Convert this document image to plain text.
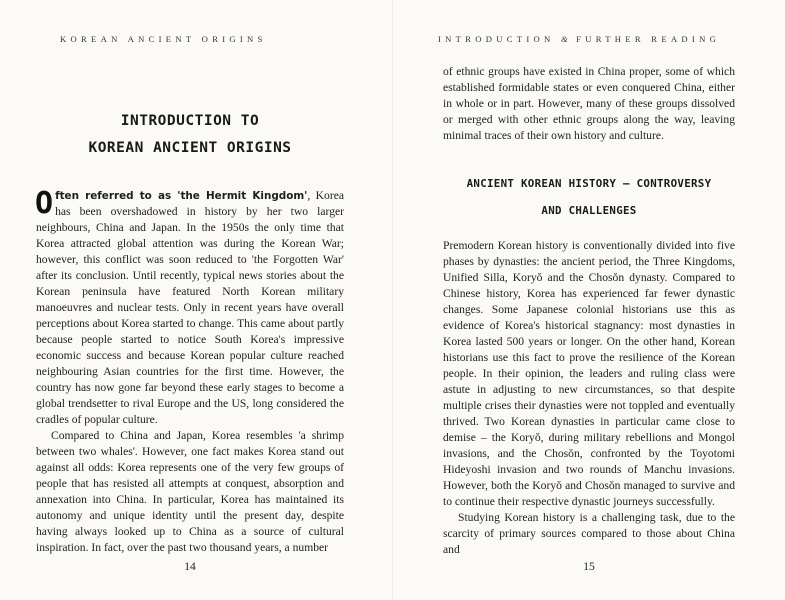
KOREAN ANCIENT ORIGINS
INTRODUCTION TO
KOREAN ANCIENT ORIGINS

Often referred to as 'the Hermit Kingdom', Korea has been overshadowed in history by her two larger neighbours, China and Japan. In the 1950s the only time that Korea attracted global attention was during the Korean War; however, this conflict was soon reduced to 'the Forgotten War' after its conclusion. Until recently, typical news stories about the Korean peninsula have featured North Korean military manoeuvres and nuclear tests. Only in recent years have overall perceptions about Korea started to change. This came about partly because people started to notice South Korea's impressive economic success and because Korean popular culture reached neighbouring Asian countries for the first time. However, the country has now gone far beyond these early stages to become a global trendsetter to rival Europe and the US, long considered the cradles of popular culture.

Compared to China and Japan, Korea resembles 'a shrimp between two whales'. However, one fact makes Korea stand out against all odds: Korea represents one of the very few groups of people that has resisted all attempts at conquest, absorption and annexation into China. In particular, Korea has maintained its autonomy and unique identity until the present day, despite having always looked up to China as a source of cultural inspiration. In fact, over the past two thousand years, a number

14
INTRODUCTION & FURTHER READING

of ethnic groups have existed in China proper, some of which established formidable states or even conquered China, either in whole or in part. However, many of these groups dissolved or merged with other ethnic groups along the way, leaving minimal traces of their own history and culture.

ANCIENT KOREAN HISTORY – CONTROVERSY
AND CHALLENGES

Premodern Korean history is conventionally divided into five phases by dynasties: the ancient period, the Three Kingdoms, Unified Silla, Koryŏ and the Chosŏn dynasty. Compared to Chinese history, Korea has experienced far fewer dynastic changes. Some Japanese colonial historians use this as evidence of Korea's historical stagnancy: most dynasties in Korea lasted 500 years or longer. On the other hand, Korean historians use this fact to prove the resilience of the Korean people. In their opinion, the leaders and ruling class were astute in adjusting to new circumstances, so that despite multiple crises their dynasties were not toppled and eventually thrived. Two Korean dynasties in particular came close to demise – the Koryŏ, during military rebellions and Mongol invasions, and the Chosŏn, confronted by the Toyotomi Hideyoshi invasion and two rounds of Manchu invasions. However, both the Koryŏ and Chosŏn managed to survive and to continue their respective dynastic journeys successfully.

Studying Korean history is a challenging task, due to the scarcity of primary sources compared to those about China and

15
